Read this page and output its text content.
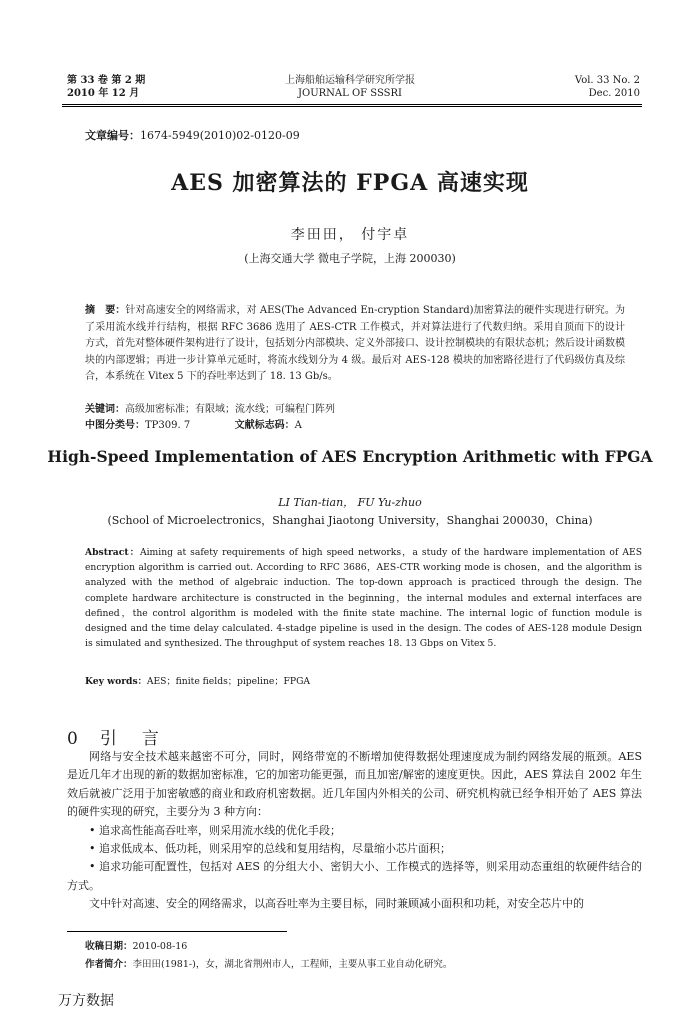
第 33 卷 第 2 期
2010 年 12 月
上海船舶运输科学研究所学报
JOURNAL OF SSSRI
Vol. 33 No. 2
Dec. 2010
文章编号：1674-5949(2010)02-0120-09
AES 加密算法的 FPGA 高速实现
李田田， 付宇卓
(上海交通大学 微电子学院，上海 200030)
摘　要：针对高速安全的网络需求，对 AES(The Advanced En-cryption Standard)加密算法的硬件实现进行研究。为了采用流水线并行结构，根据 RFC 3686 选用了 AES-CTR 工作模式，并对算法进行了代数归纳。采用自顶而下的设计方式，首先对整体硬件架构进行了设计，包括划分内部模块、定义外部接口、设计控制模块的有限状态机；然后设计函数模块的内部逻辑；再进一步计算单元延时，将流水线划分为 4 级。最后对 AES-128 模块的加密路径进行了代码级仿真及综合，本系统在 Vitex 5 下的吞吐率达到了 18. 13 Gb/s。
关键词：高级加密标准；有限域；流水线；可编程门阵列
中图分类号：TP309. 7	文献标志码：A
High-Speed Implementation of AES Encryption Arithmetic with FPGA
LI Tian-tian， FU Yu-zhuo
(School of Microelectronics，Shanghai Jiaotong University，Shanghai 200030，China)
Abstract：Aiming at safety requirements of high speed networks，a study of the hardware implementation of AES encryption algorithm is carried out. According to RFC 3686，AES-CTR working mode is chosen，and the algorithm is analyzed with the method of algebraic induction. The top-down approach is practiced through the design. The complete hardware architecture is constructed in the beginning，the internal modules and external interfaces are defined，the control algorithm is modeled with the finite state machine. The internal logic of function module is designed and the time delay calculated. 4-stadge pipeline is used in the design. The codes of AES-128 module Design is simulated and synthesized. The throughput of system reaches 18. 13 Gbps on Vitex 5.
Key words：AES；finite fields；pipeline；FPGA
0 引　言

网络与安全技术越来越密不可分，同时，网络带宽的不断增加使得数据处理速度成为制约网络发展的瓶颈。AES 是近几年才出现的新的数据加密标准，它的加密功能更强，而且加密/解密的速度更快。因此，AES 算法自 2002 年生效后就被广泛用于加密敏感的商业和政府机密数据。近几年国内外相关的公司、研究机构就已经争相开始了 AES 算法的硬件实现的研究，主要分为 3 种方向：

• 追求高性能高吞吐率，则采用流水线的优化手段；

• 追求低成本、低功耗，则采用窄的总线和复用结构，尽量缩小芯片面积；

• 追求功能可配置性，包括对 AES 的分组大小、密钥大小、工作模式的选择等，则采用动态重组的软硬件结合的方式。

文中针对高速、安全的网络需求，以高吞吐率为主要目标，同时兼顾减小面积和功耗，对安全芯片中的

收稿日期：2010-08-16
作者简介：李田田(1981-)，女，湖北省荆州市人，工程师，主要从事工业自动化研究。
万方数据
